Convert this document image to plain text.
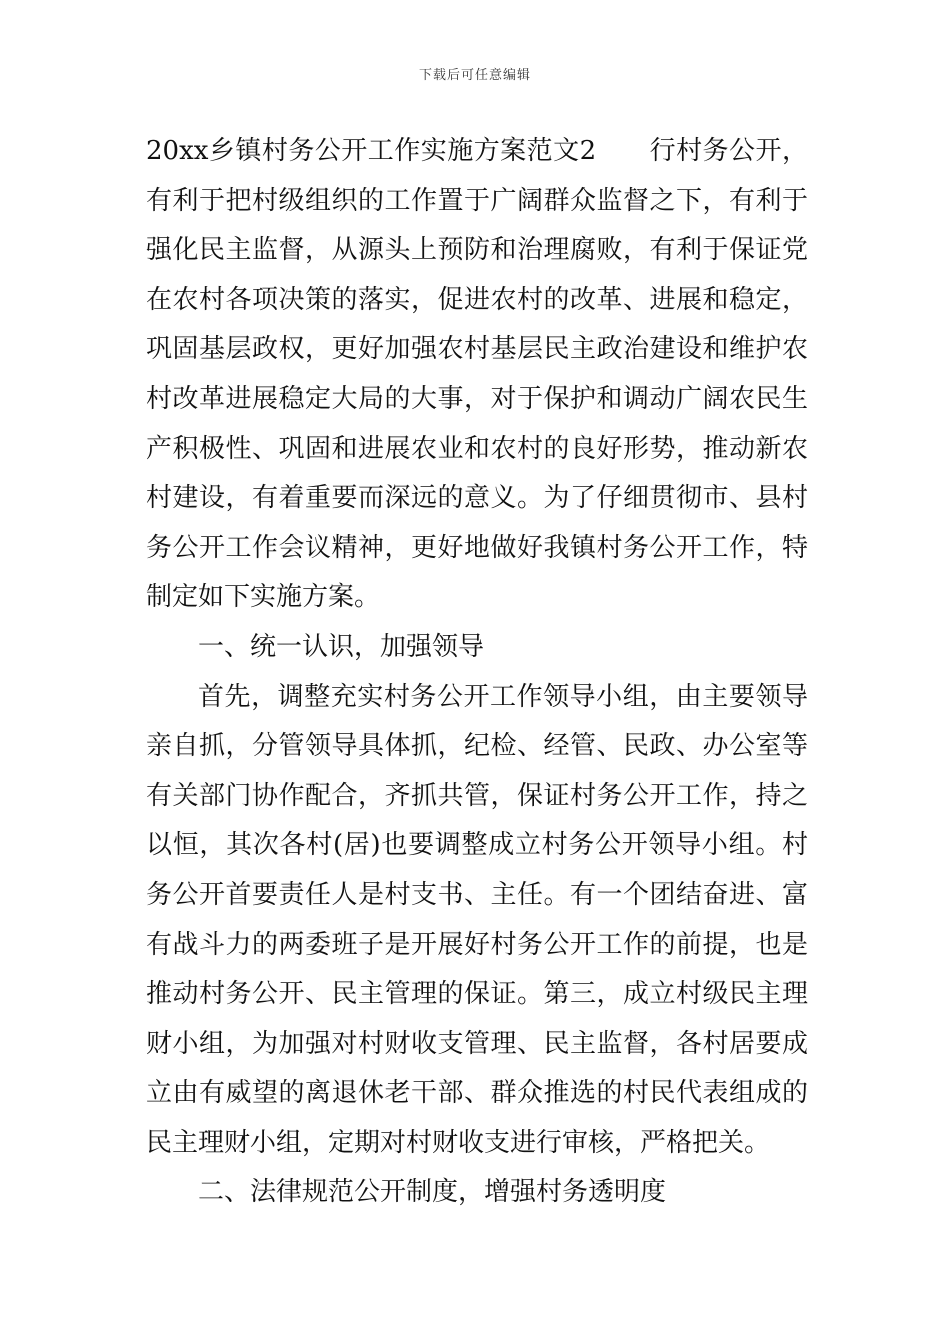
下载后可任意编辑

20xx乡镇村务公开工作实施方案范文2　　行村务公开，有利于把村级组织的工作置于广阔群众监督之下，有利于强化民主监督，从源头上预防和治理腐败，有利于保证党在农村各项决策的落实，促进农村的改革、进展和稳定，巩固基层政权，更好加强农村基层民主政治建设和维护农村改革进展稳定大局的大事，对于保护和调动广阔农民生产积极性、巩固和进展农业和农村的良好形势，推动新农村建设，有着重要而深远的意义。为了仔细贯彻市、县村务公开工作会议精神，更好地做好我镇村务公开工作，特制定如下实施方案。

一、统一认识，加强领导

首先，调整充实村务公开工作领导小组，由主要领导亲自抓，分管领导具体抓，纪检、经管、民政、办公室等有关部门协作配合，齐抓共管，保证村务公开工作，持之以恒，其次各村(居)也要调整成立村务公开领导小组。村务公开首要责任人是村支书、主任。有一个团结奋进、富有战斗力的两委班子是开展好村务公开工作的前提，也是推动村务公开、民主管理的保证。第三，成立村级民主理财小组，为加强对村财收支管理、民主监督，各村居要成立由有威望的离退休老干部、群众推选的村民代表组成的民主理财小组，定期对村财收支进行审核，严格把关。

二、法律规范公开制度，增强村务透明度
